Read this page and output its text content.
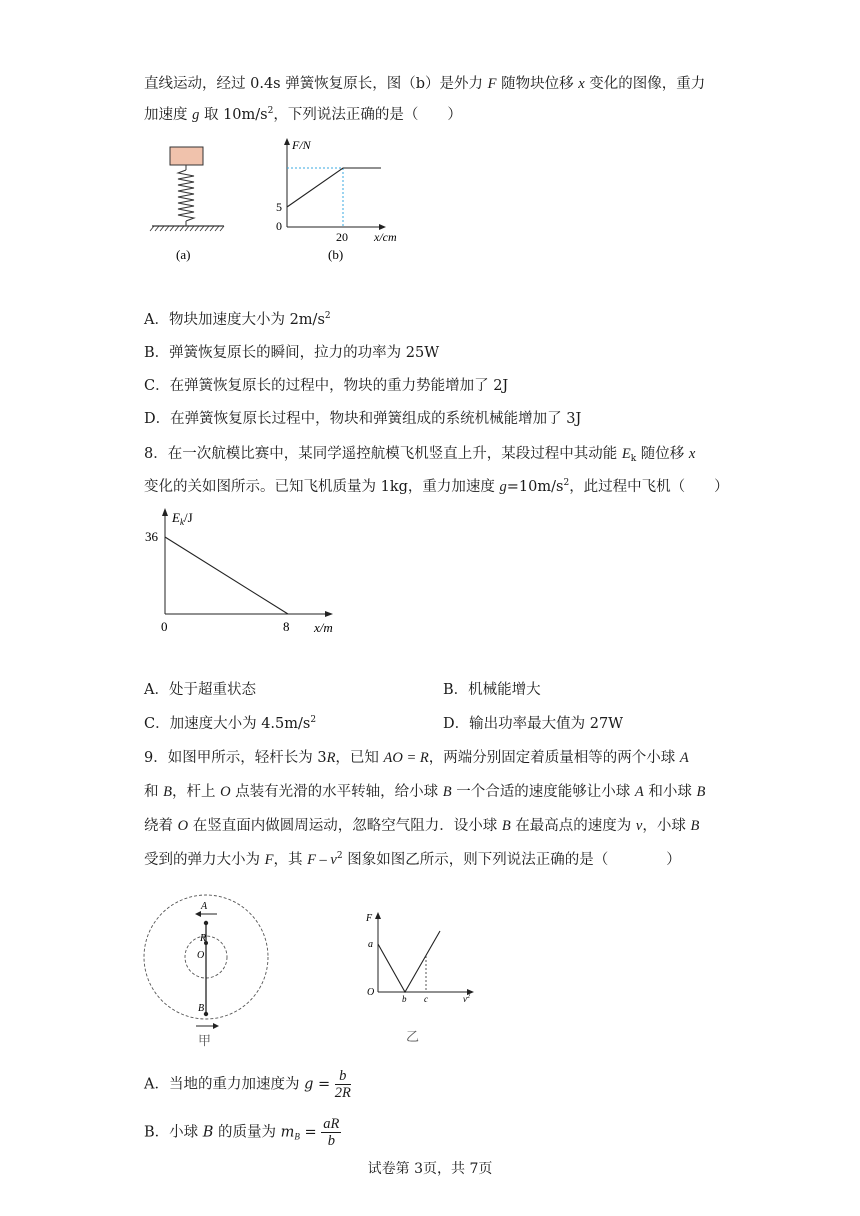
直线运动，经过 0.4s 弹簧恢复原长，图（b）是外力 F 随物块位移 x 变化的图像，重力
加速度 g 取 $10m/s^2$，下列说法正确的是（　　）
(a)
F/N
x/cm
0
5
20
(b)
A．物块加速度大小为 $2m/s^2$
B．弹簧恢复原长的瞬间，拉力的功率为 25W
C．在弹簧恢复原长的过程中，物块的重力势能增加了 2J
D．在弹簧恢复原长过程中，物块和弹簧组成的系统机械能增加了 3J
8．在一次航模比赛中，某同学遥控航模飞机竖直上升，某段过程中其动能 $E_k$ 随位移 x
变化的关如图所示。已知飞机质量为 1kg，重力加速度 $g=10m/s^2$，此过程中飞机（　　）
$E_k/J$
36
0	8 x/m
A．处于超重状态	B．机械能增大
C．加速度大小为 $4.5m/s^2$	D．输出功率最大值为 27W
9．如图甲所示，轻杆长为 3R，已知 AO = R，两端分别固定着质量相等的两个小球 A
和 B，杆上 O 点装有光滑的水平转轴，给小球 B 一个合适的速度能够让小球 A 和小球 B
绕着 O 在竖直面内做圆周运动，忽略空气阻力．设小球 B 在最高点的速度为 v，小球 B
受到的弹力大小为 F，其 F – $v^2$ 图象如图乙所示，则下列说法正确的是（　　　　）
A
R
O
B
甲
F
a
O
b c	$v^2$
乙
A．当地的重力加速度为 $g = \frac{b}{2R}$
B．小球 B 的质量为 $m_B = \frac{aR}{b}$
试卷第 3页，共 7页
